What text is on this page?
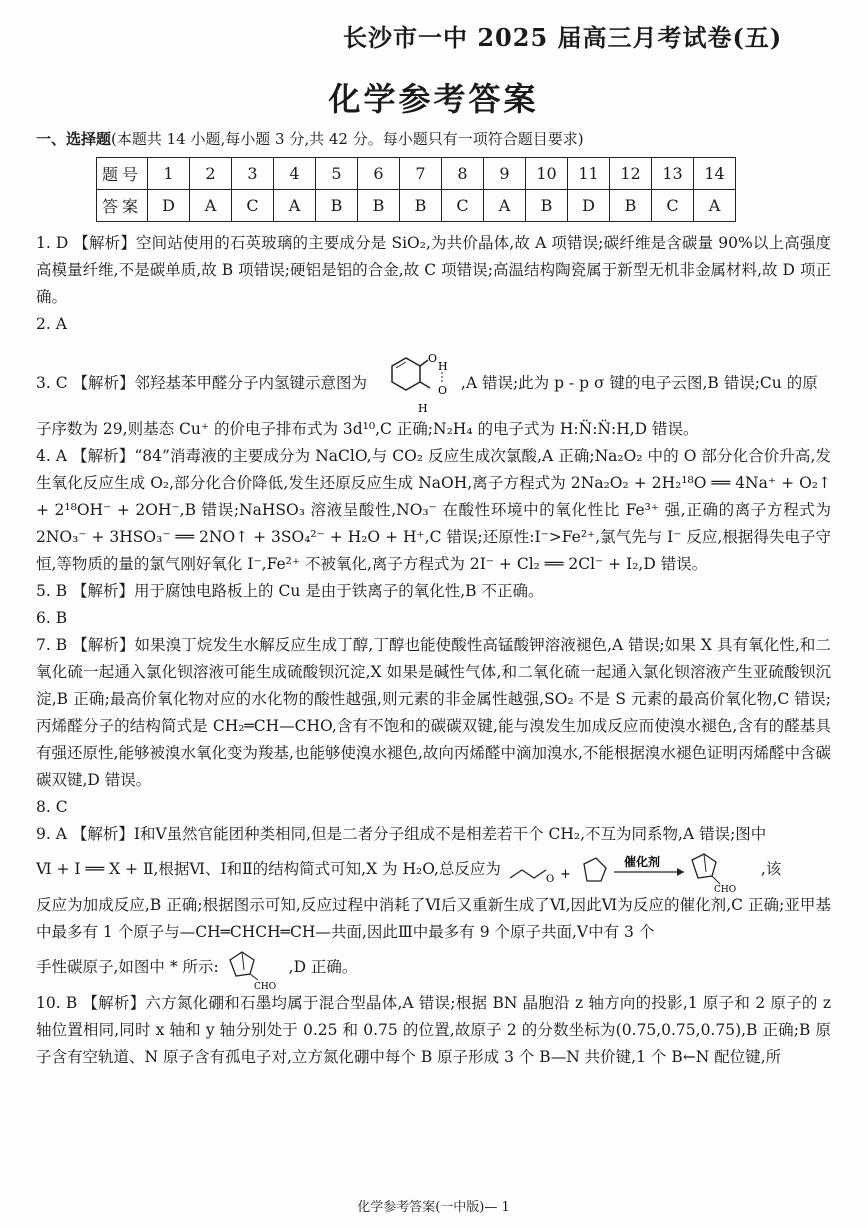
长沙市一中 2025 届高三月考试卷(五)
化学参考答案
一、选择题(本题共 14 小题,每小题 3 分,共 42 分。每小题只有一项符合题目要求)
题号	1	2	3	4	5	6	7	8	9	10	11	12	13	14
答案	D	A	C	A	B	B	B	C	A	B	D	B	C	A

1. D 【解析】空间站使用的石英玻璃的主要成分是 SiO₂,为共价晶体,故 A 项错误;碳纤维是含碳量 90%以上高强度高模量纤维,不是碳单质,故 B 项错误;硬铝是铝的合金,故 C 项错误;高温结构陶瓷属于新型无机非金属材料,故 D 项正确。

2. A

3. C 【解析】邻羟基苯甲醛分子内氢键示意图为
O
H
O
H
,A 错误;此为 p - p σ 键的电子云图,B 错误;Cu 的原
子序数为 29,则基态 Cu⁺ 的价电子排布式为 3d¹⁰,C 正确;N₂H₄ 的电子式为 H:N̈:N̈:H,D 错误。

4. A 【解析】“84”消毒液的主要成分为 NaClO,与 CO₂ 反应生成次氯酸,A 正确;Na₂O₂ 中的 O 部分化合价升高,发生氧化反应生成 O₂,部分化合价降低,发生还原反应生成 NaOH,离子方程式为 2Na₂O₂ + 2H₂¹⁸O ══ 4Na⁺ + O₂↑ + 2¹⁸OH⁻ + 2OH⁻,B 错误;NaHSO₃ 溶液呈酸性,NO₃⁻ 在酸性环境中的氧化性比 Fe³⁺ 强,正确的离子方程式为 2NO₃⁻ + 3HSO₃⁻ ══ 2NO↑ + 3SO₄²⁻ + H₂O + H⁺,C 错误;还原性:I⁻>Fe²⁺,氯气先与 I⁻ 反应,根据得失电子守恒,等物质的量的氯气刚好氧化 I⁻,Fe²⁺ 不被氧化,离子方程式为 2I⁻ + Cl₂ ══ 2Cl⁻ + I₂,D 错误。

5. B 【解析】用于腐蚀电路板上的 Cu 是由于铁离子的氧化性,B 不正确。

6. B

7. B 【解析】如果溴丁烷发生水解反应生成丁醇,丁醇也能使酸性高锰酸钾溶液褪色,A 错误;如果 X 具有氧化性,和二氧化硫一起通入氯化钡溶液可能生成硫酸钡沉淀,X 如果是碱性气体,和二氧化硫一起通入氯化钡溶液产生亚硫酸钡沉淀,B 正确;最高价氧化物对应的水化物的酸性越强,则元素的非金属性越强,SO₂ 不是 S 元素的最高价氧化物,C 错误;丙烯醛分子的结构简式是 CH₂═CH—CHO,含有不饱和的碳碳双键,能与溴发生加成反应而使溴水褪色,含有的醛基具有强还原性,能够被溴水氧化变为羧基,也能够使溴水褪色,故向丙烯醛中滴加溴水,不能根据溴水褪色证明丙烯醛中含碳碳双键,D 错误。

8. C

9. A 【解析】Ⅰ和Ⅴ虽然官能团种类相同,但是二者分子组成不是相差若干个 CH₂,不互为同系物,A 错误;图中
Ⅵ + Ⅰ ══ X + Ⅱ,根据Ⅵ、Ⅰ和Ⅱ的结构简式可知,X 为 H₂O,总反应为
O +
催化剂
CHO
,该
反应为加成反应,B 正确;根据图示可知,反应过程中消耗了Ⅵ后又重新生成了Ⅵ,因此Ⅵ为反应的催化剂,C 正确;亚甲基中最多有 1 个原子与—CH═CHCH═CH—共面,因此Ⅲ中最多有 9 个原子共面,Ⅴ中有 3 个
手性碳原子,如图中 * 所示:
CHO
,D 正确。

10. B 【解析】六方氮化硼和石墨均属于混合型晶体,A 错误;根据 BN 晶胞沿 z 轴方向的投影,1 原子和 2 原子的 z 轴位置相同,同时 x 轴和 y 轴分别处于 0.25 和 0.75 的位置,故原子 2 的分数坐标为(0.75,0.75,0.75),B 正确;B 原子含有空轨道、N 原子含有孤电子对,立方氮化硼中每个 B 原子形成 3 个 B—N 共价键,1 个 B←N 配位键,所

化学参考答案(一中版)— 1
